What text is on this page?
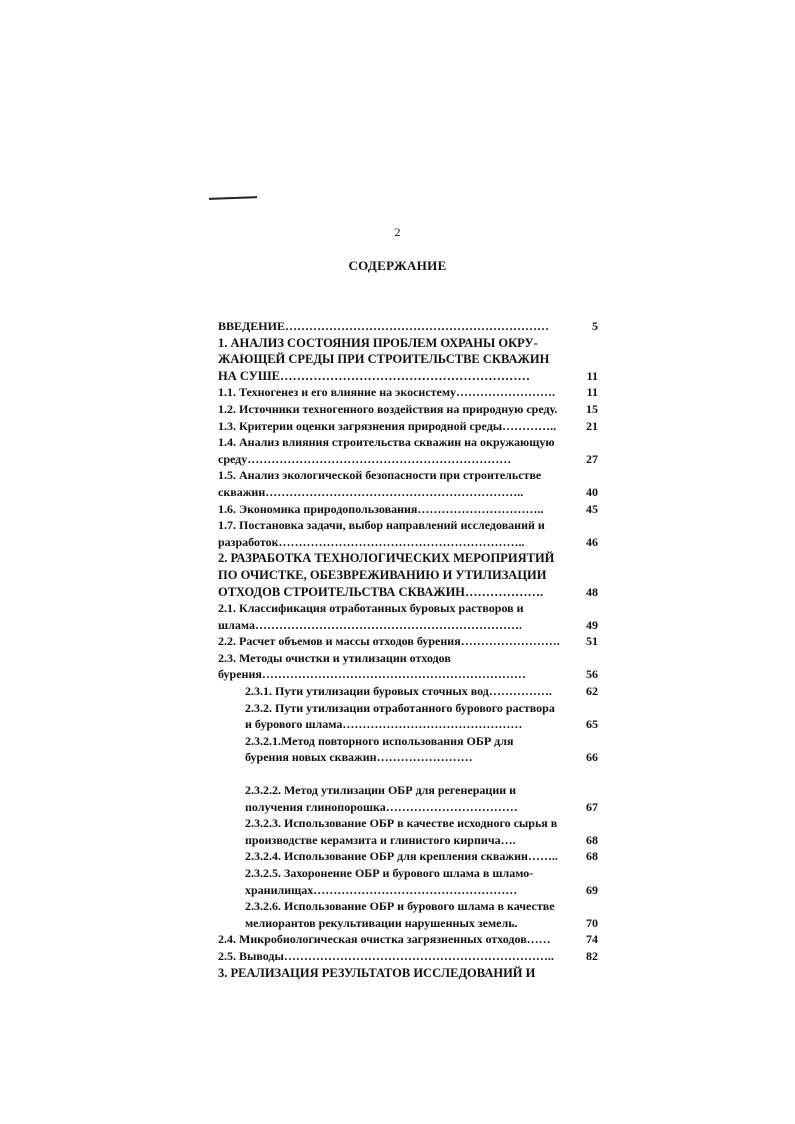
2
СОДЕРЖАНИЕ
ВВЕДЕНИЕ…………………………………………………………	5
1. АНАЛИЗ СОСТОЯНИЯ ПРОБЛЕМ ОХРАНЫ ОКРУ-
ЖАЮЩЕЙ СРЕДЫ ПРИ СТРОИТЕЛЬСТВЕ СКВАЖИН
НА СУШЕ……………………………………………………	11
1.1. Техногенез и его влияние на экосистему…………………….	11
1.2. Источники техногенного воздействия на природную среду.	15
1.3. Критерии оценки загрязнения природной среды…………..	21
1.4. Анализ влияния строительства скважин на окружающую
среду…………………………………………………………	27
1.5. Анализ экологической безопасности при строительстве
скважин………………………………………………………..	40
1.6. Экономика природопользования…………………………..	45
1.7. Постановка задачи, выбор направлений исследований и
разработок……………………………………………………..	46
2. РАЗРАБОТКА ТЕХНОЛОГИЧЕСКИХ МЕРОПРИЯТИЙ
ПО ОЧИСТКЕ, ОБЕЗВРЕЖИВАНИЮ И УТИЛИЗАЦИИ
ОТХОДОВ СТРОИТЕЛЬСТВА СКВАЖИН……………….	48
2.1. Классификация отработанных буровых растворов и
шлама………………………………………………………….	49
2.2. Расчет объемов и массы отходов бурения…………………….	51
2.3. Методы очистки и утилизации отходов
бурения…………………………………………………………	56
2.3.1. Пути утилизации буровых сточных вод…………….	62
2.3.2. Пути утилизации отработанного бурового раствора
и бурового шлама………………………………………	65
2.3.2.1.Метод повторного использования ОБР для
бурения новых скважин……………………	66
2.3.2.2. Метод утилизации ОБР для регенерации и
получения глинопорошка……………………………	67
2.3.2.3. Использование ОБР в качестве исходного сырья в
производстве керамзита и глинистого кирпича….	68
2.3.2.4. Использование ОБР для крепления скважин……..	68
2.3.2.5. Захоронение ОБР и бурового шлама в шламо-
хранилищах……………………………………………	69
2.3.2.6. Использование ОБР и бурового шлама в качестве
мелиорантов рекультивации нарушенных земель.	70
2.4. Микробиологическая очистка загрязненных отходов……	74
2.5. Выводы…………………………………………………………..	82
3. РЕАЛИЗАЦИЯ РЕЗУЛЬТАТОВ ИССЛЕДОВАНИЙ И
